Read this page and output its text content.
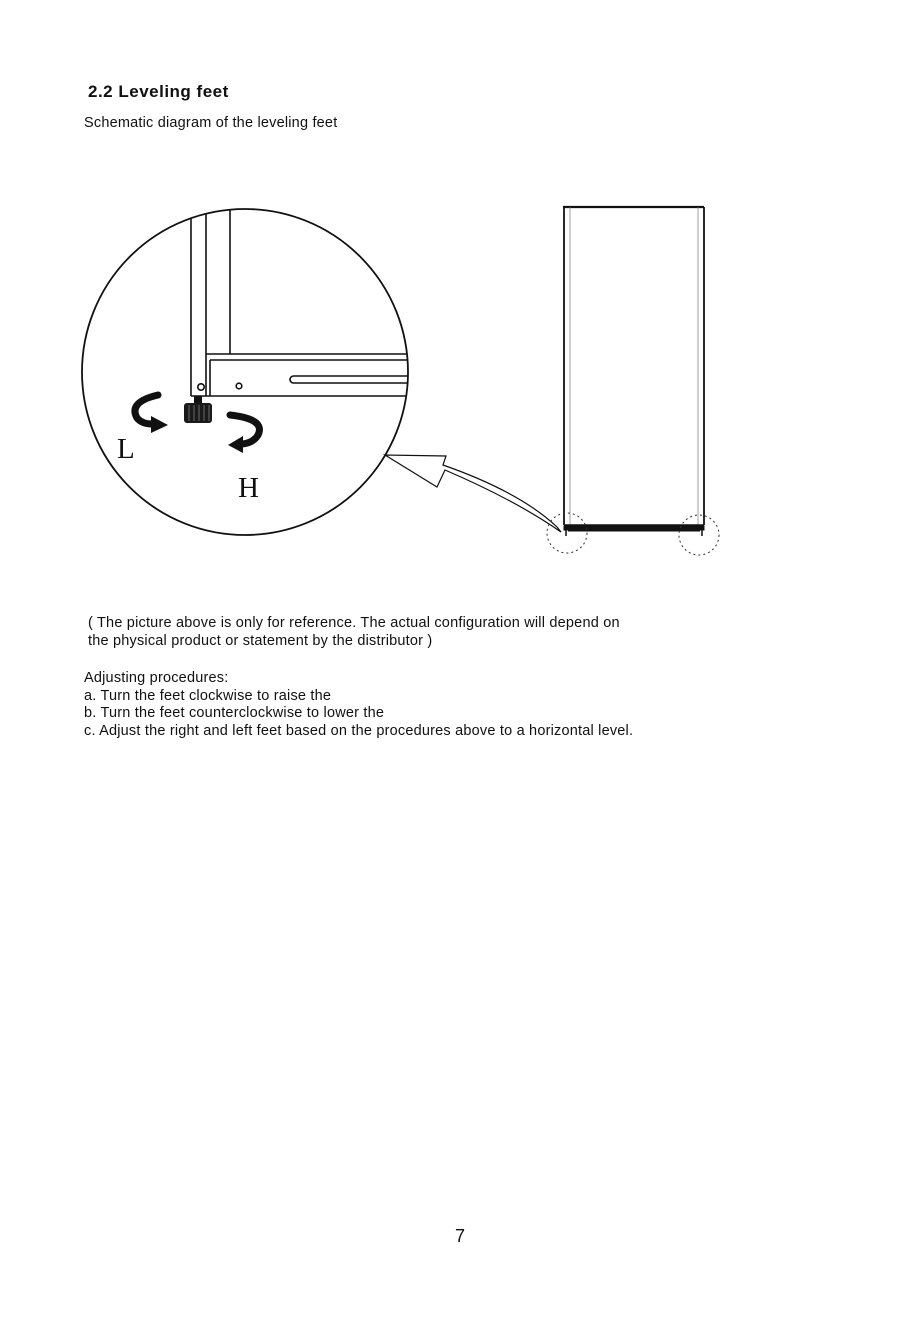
2.2 Leveling feet
Schematic diagram of the leveling feet
L
H
( The picture above is only for reference. The actual configuration will depend on
the physical product or statement by the distributor )
Adjusting procedures:
a. Turn the feet clockwise to raise the
b. Turn the feet counterclockwise to lower the
c. Adjust the right and left feet based on the procedures above to a horizontal level.
7
